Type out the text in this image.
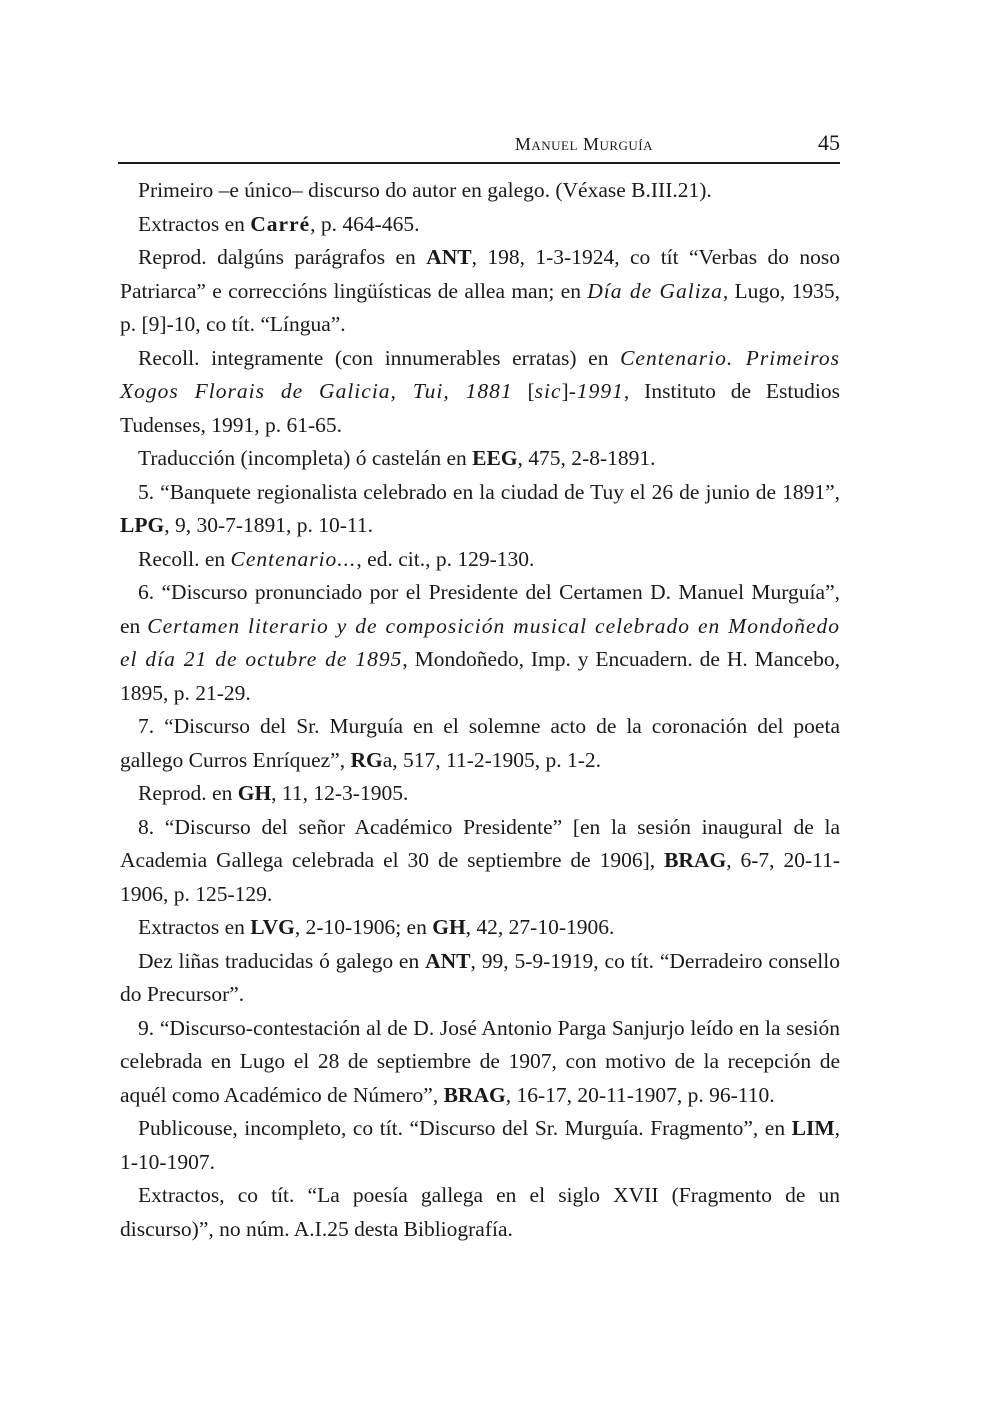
Manuel Murguía	45

Primeiro –e único– discurso do autor en galego. (Véxase B.III.21).

Extractos en Carré, p. 464-465.

Reprod. dalgúns parágrafos en ANT, 198, 1-3-1924, co tít “Verbas do noso Patriarca” e correccións lingüísticas de allea man; en Día de Galiza, Lugo, 1935, p. [9]-10, co tít. “Língua”.

Recoll. integramente (con innumerables erratas) en Centenario. Primeiros Xogos Florais de Galicia, Tui, 1881 [sic]-1991, Instituto de Estudios Tudenses, 1991, p. 61-65.

Traducción (incompleta) ó castelán en EEG, 475, 2-8-1891.

5. “Banquete regionalista celebrado en la ciudad de Tuy el 26 de junio de 1891”, LPG, 9, 30-7-1891, p. 10-11.

Recoll. en Centenario..., ed. cit., p. 129-130.

6. “Discurso pronunciado por el Presidente del Certamen D. Manuel Murguía”, en Certamen literario y de composición musical celebrado en Mondoñedo el día 21 de octubre de 1895, Mondoñedo, Imp. y Encuadern. de H. Mancebo, 1895, p. 21-29.

7. “Discurso del Sr. Murguía en el solemne acto de la coronación del poeta gallego Curros Enríquez”, RGa, 517, 11-2-1905, p. 1-2.

Reprod. en GH, 11, 12-3-1905.

8. “Discurso del señor Académico Presidente” [en la sesión inaugural de la Academia Gallega celebrada el 30 de septiembre de 1906], BRAG, 6-7, 20-11-1906, p. 125-129.

Extractos en LVG, 2-10-1906; en GH, 42, 27-10-1906.

Dez liñas traducidas ó galego en ANT, 99, 5-9-1919, co tít. “Derradeiro consello do Precursor”.

9. “Discurso-contestación al de D. José Antonio Parga Sanjurjo leído en la sesión celebrada en Lugo el 28 de septiembre de 1907, con motivo de la recepción de aquél como Académico de Número”, BRAG, 16-17, 20-11-1907, p. 96-110.

Publicouse, incompleto, co tít. “Discurso del Sr. Murguía. Fragmento”, en LIM, 1-10-1907.

Extractos, co tít. “La poesía gallega en el siglo XVII (Fragmento de un discurso)”, no núm. A.I.25 desta Bibliografía.
